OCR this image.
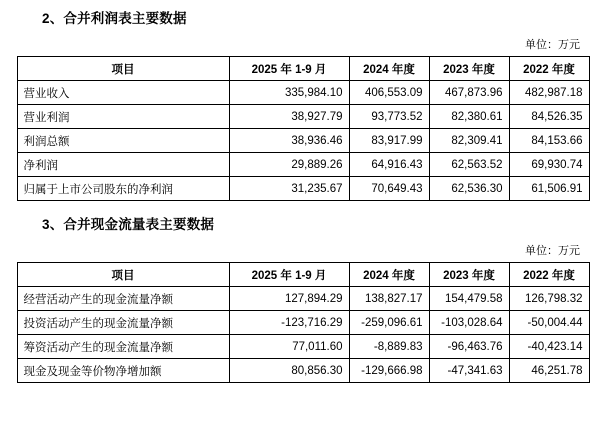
2、合并利润表主要数据
单位：万元
项目	2025 年 1-9 月	2024 年度	2023 年度	2022 年度
营业收入	335,984.10	406,553.09	467,873.96	482,987.18
营业利润	38,927.79	93,773.52	82,380.61	84,526.35
利润总额	38,936.46	83,917.99	82,309.41	84,153.66
净利润	29,889.26	64,916.43	62,563.52	69,930.74
归属于上市公司股东的净利润	31,235.67	70,649.43	62,536.30	61,506.91
3、合并现金流量表主要数据
单位：万元
项目	2025 年 1-9 月	2024 年度	2023 年度	2022 年度
经营活动产生的现金流量净额	127,894.29	138,827.17	154,479.58	126,798.32
投资活动产生的现金流量净额	-123,716.29	-259,096.61	-103,028.64	-50,004.44
筹资活动产生的现金流量净额	77,011.60	-8,889.83	-96,463.76	-40,423.14
现金及现金等价物净增加额	80,856.30	-129,666.98	-47,341.63	46,251.78
